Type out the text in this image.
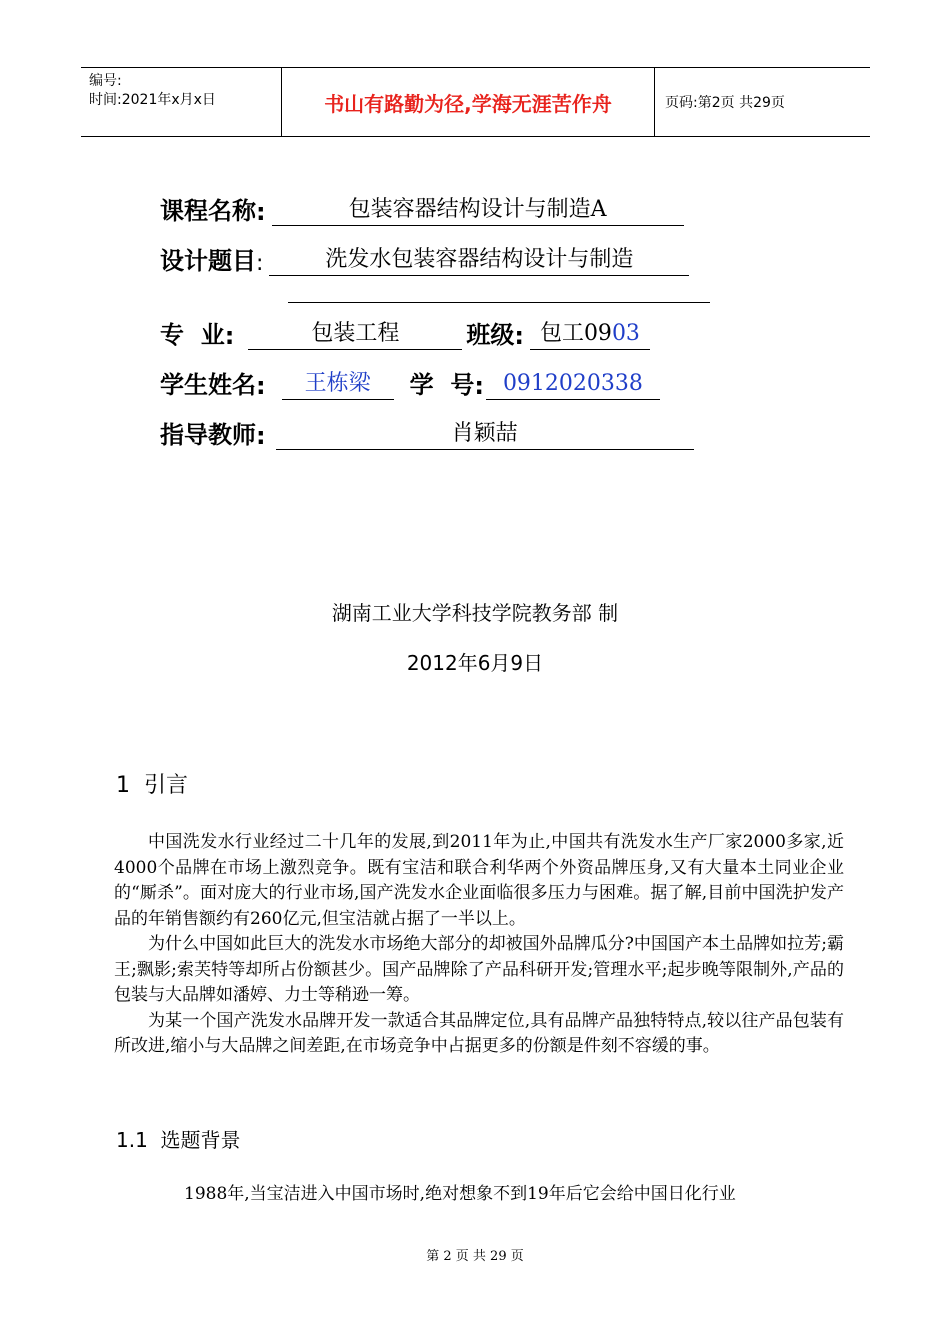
编号:
时间:2021年x月x日	书山有路勤为径,学海无涯苦作舟	页码:第2页 共29页
课程名称 :	包装容器结构设计与制造A
设计题目 :	洗发水包装容器结构设计与制造
专  业 :	包装工程	班级 : 包工0903
学生姓名 :	王栋梁	学  号 : 0912020338
指导教师 :	肖颖喆
湖南工业大学科技学院教务部 制
2012年6月9日
1  引言

中国洗发水行业经过二十几年的发展,到2011年为止,中国共有洗发水生产厂家2000多家,近4000个品牌在市场上激烈竞争。既有宝洁和联合利华两个外资品牌压身,又有大量本土同业企业的“厮杀”。面对庞大的行业市场,国产洗发水企业面临很多压力与困难。据了解,目前中国洗护发产品的年销售额约有260亿元,但宝洁就占据了一半以上。

为什么中国如此巨大的洗发水市场绝大部分的却被国外品牌瓜分?中国国产本土品牌如拉芳;霸王;飘影;索芙特等却所占份额甚少。国产品牌除了产品科研开发;管理水平;起步晚等限制外,产品的包装与大品牌如潘婷、力士等稍逊一筹。

为某一个国产洗发水品牌开发一款适合其品牌定位,具有品牌产品独特特点,较以往产品包装有所改进,缩小与大品牌之间差距,在市场竞争中占据更多的份额是件刻不容缓的事。

1.1  选题背景

1988年,当宝洁进入中国市场时,绝对想象不到19年后它会给中国日化行业

第 2 页 共 29 页
